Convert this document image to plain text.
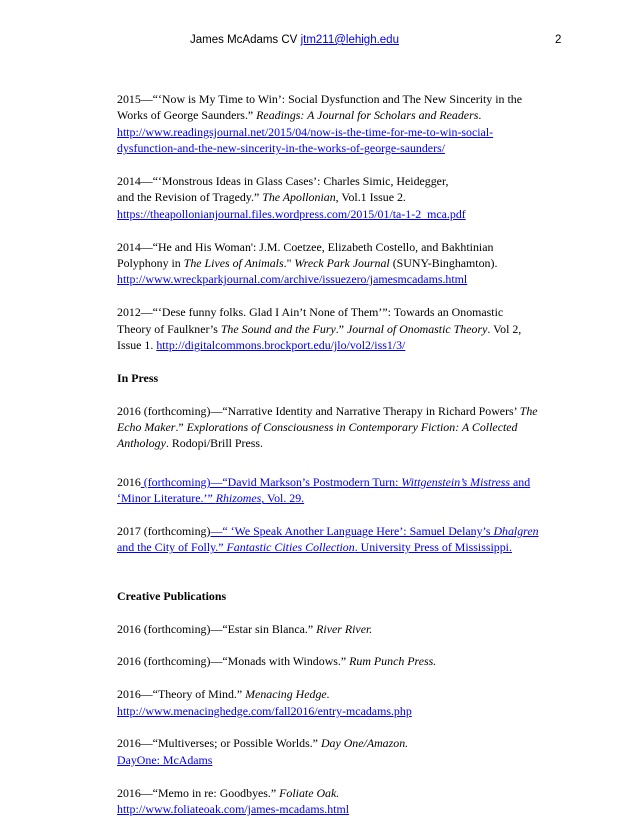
James McAdams CV jtm211@lehigh.edu	2
2015—“‘Now is My Time to Win’: Social Dysfunction and The New Sincerity in the
Works of George Saunders.” Readings: A Journal for Scholars and Readers.
http://www.readingsjournal.net/2015/04/now-is-the-time-for-me-to-win-social-
dysfunction-and-the-new-sincerity-in-the-works-of-george-saunders/
2014—“‘Monstrous Ideas in Glass Cases’: Charles Simic, Heidegger,
and the Revision of Tragedy.” The Apollonian, Vol.1 Issue 2.
https://theapollonianjournal.files.wordpress.com/2015/01/ta-1-2_mca.pdf
2014—“He and His Woman': J.M. Coetzee, Elizabeth Costello, and Bakhtinian
Polyphony in The Lives of Animals." Wreck Park Journal (SUNY-Binghamton).
http://www.wreckparkjournal.com/archive/issuezero/jamesmcadams.html
2012—“‘Dese funny folks. Glad I Ain’t None of Them’”: Towards an Onomastic
Theory of Faulkner’s The Sound and the Fury.” Journal of Onomastic Theory. Vol 2,
Issue 1. http://digitalcommons.brockport.edu/jlo/vol2/iss1/3/
In Press
2016 (forthcoming)—“Narrative Identity and Narrative Therapy in Richard Powers’ The
Echo Maker.” Explorations of Consciousness in Contemporary Fiction: A Collected
Anthology. Rodopi/Brill Press.
2016 (forthcoming)—“David Markson’s Postmodern Turn: Wittgenstein’s Mistress and
‘Minor Literature.’” Rhizomes, Vol. 29.
2017 (forthcoming)—“ ‘We Speak Another Language Here’: Samuel Delany’s Dhalgren
and the City of Folly.” Fantastic Cities Collection. University Press of Mississippi.
Creative Publications
2016 (forthcoming)—“Estar sin Blanca.” River River.
2016 (forthcoming)—“Monads with Windows.” Rum Punch Press.
2016—“Theory of Mind.” Menacing Hedge.
http://www.menacinghedge.com/fall2016/entry-mcadams.php
2016—“Multiverses; or Possible Worlds.” Day One/Amazon.
DayOne: McAdams
2016—“Memo in re: Goodbyes.” Foliate Oak.
http://www.foliateoak.com/james-mcadams.html
